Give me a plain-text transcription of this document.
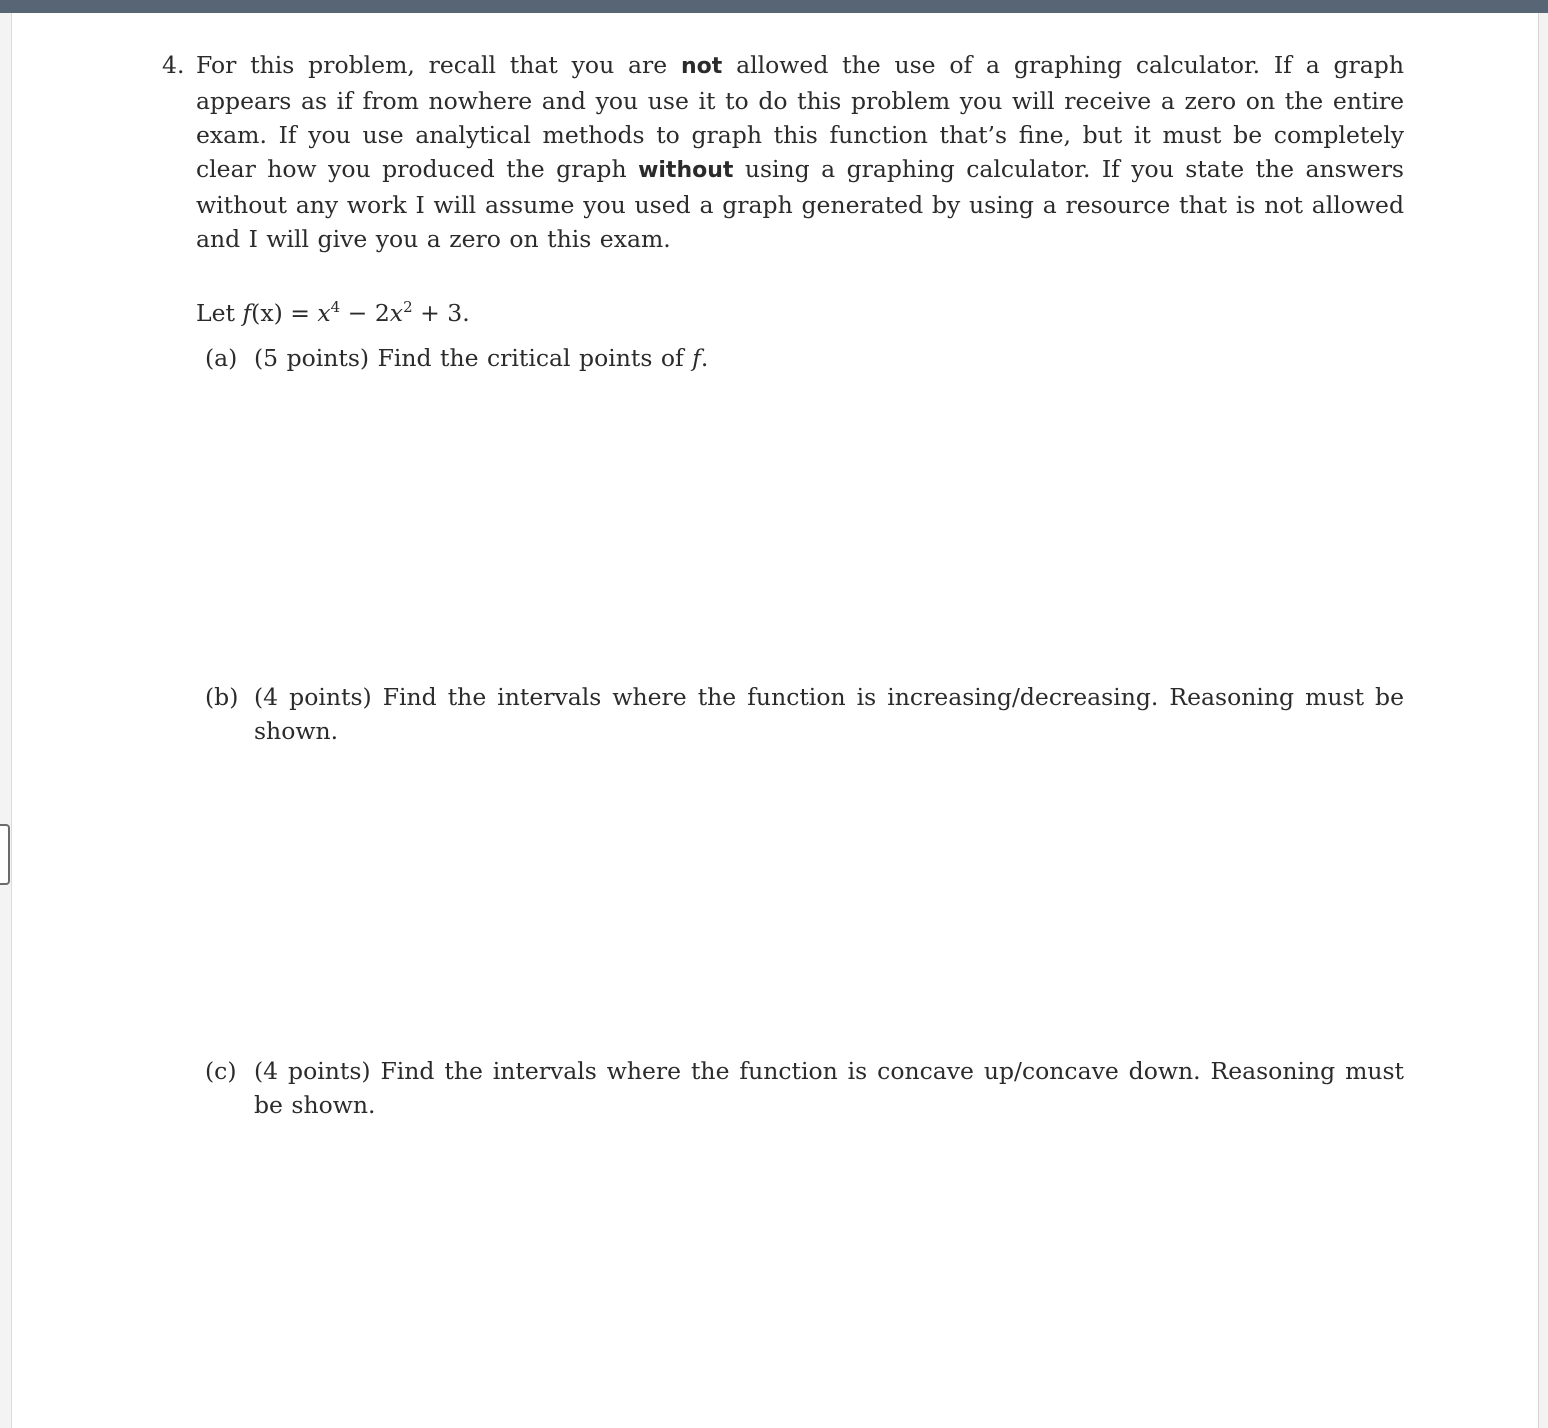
4. For this problem, recall that you are not allowed the use of a graphing calculator. If a graph appears as if from nowhere and you use it to do this problem you will receive a zero on the entire exam. If you use analytical methods to graph this function that’s fine, but it must be completely clear how you produced the graph without using a graphing calculator. If you state the answers without any work I will assume you used a graph generated by using a resource that is not allowed and I will give you a zero on this exam.
Let $f(x) = x^4 - 2x^2 + 3$.
(a) (5 points) Find the critical points of f.
(b) (4 points) Find the intervals where the function is increasing/decreasing. Reasoning must be shown.
(c) (4 points) Find the intervals where the function is concave up/concave down. Reasoning must be shown.
